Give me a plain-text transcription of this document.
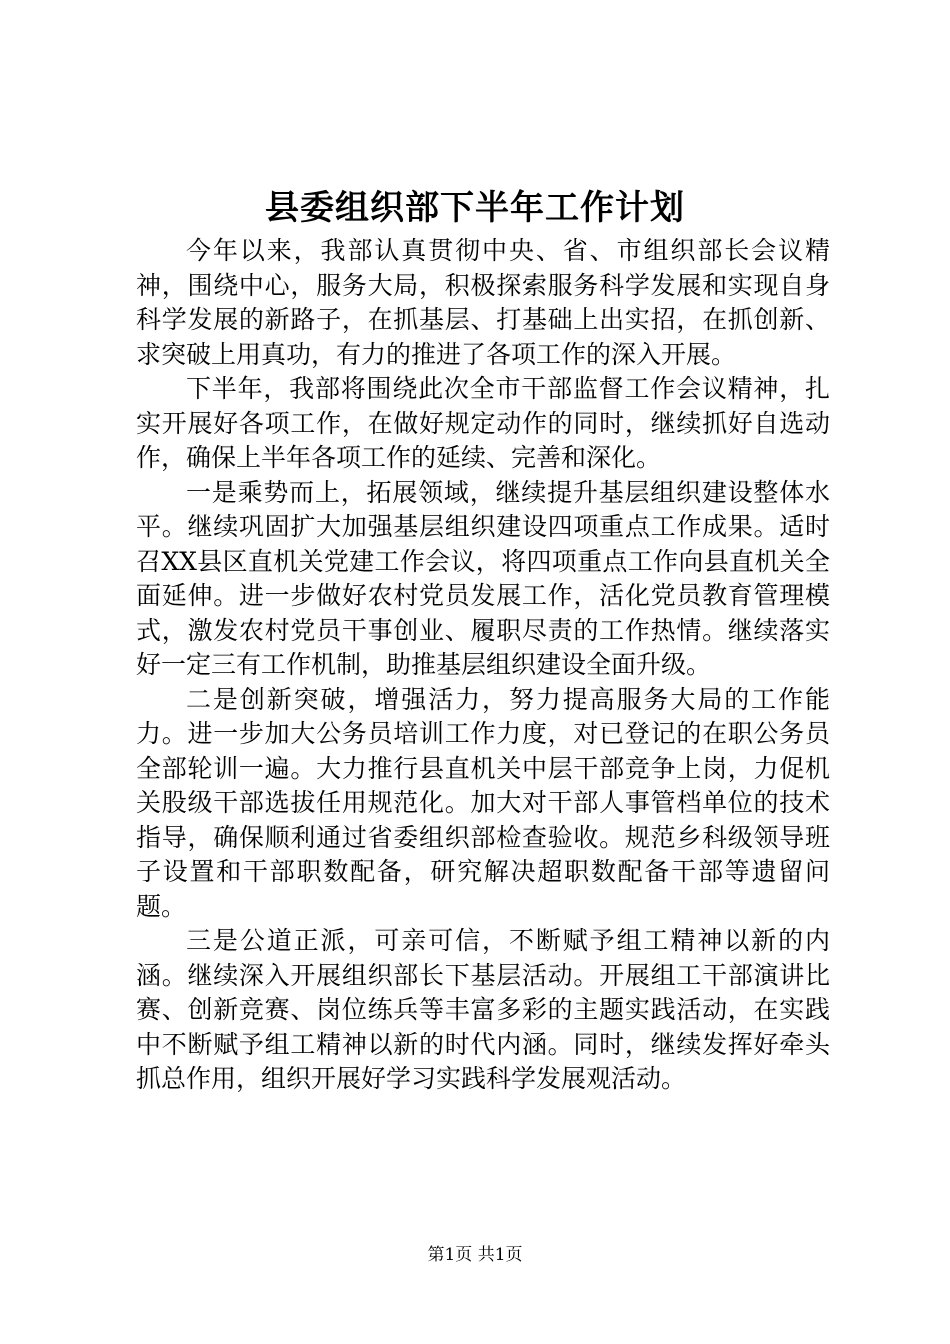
县委组织部下半年工作计划

今年以来，我部认真贯彻中央、省、市组织部长会议精神，围绕中心，服务大局，积极探索服务科学发展和实现自身科学发展的新路子，在抓基层、打基础上出实招，在抓创新、求突破上用真功，有力的推进了各项工作的深入开展。

下半年，我部将围绕此次全市干部监督工作会议精神，扎实开展好各项工作，在做好规定动作的同时，继续抓好自选动作，确保上半年各项工作的延续、完善和深化。

一是乘势而上，拓展领域，继续提升基层组织建设整体水平。继续巩固扩大加强基层组织建设四项重点工作成果。适时召XX县区直机关党建工作会议，将四项重点工作向县直机关全面延伸。进一步做好农村党员发展工作，活化党员教育管理模式，激发农村党员干事创业、履职尽责的工作热情。继续落实好一定三有工作机制，助推基层组织建设全面升级。

二是创新突破，增强活力，努力提高服务大局的工作能力。进一步加大公务员培训工作力度，对已登记的在职公务员全部轮训一遍。大力推行县直机关中层干部竞争上岗，力促机关股级干部选拔任用规范化。加大对干部人事管档单位的技术指导，确保顺利通过省委组织部检查验收。规范乡科级领导班子设置和干部职数配备，研究解决超职数配备干部等遗留问题。

三是公道正派，可亲可信，不断赋予组工精神以新的内涵。继续深入开展组织部长下基层活动。开展组工干部演讲比赛、创新竞赛、岗位练兵等丰富多彩的主题实践活动，在实践中不断赋予组工精神以新的时代内涵。同时，继续发挥好牵头抓总作用，组织开展好学习实践科学发展观活动。

第1页 共1页
